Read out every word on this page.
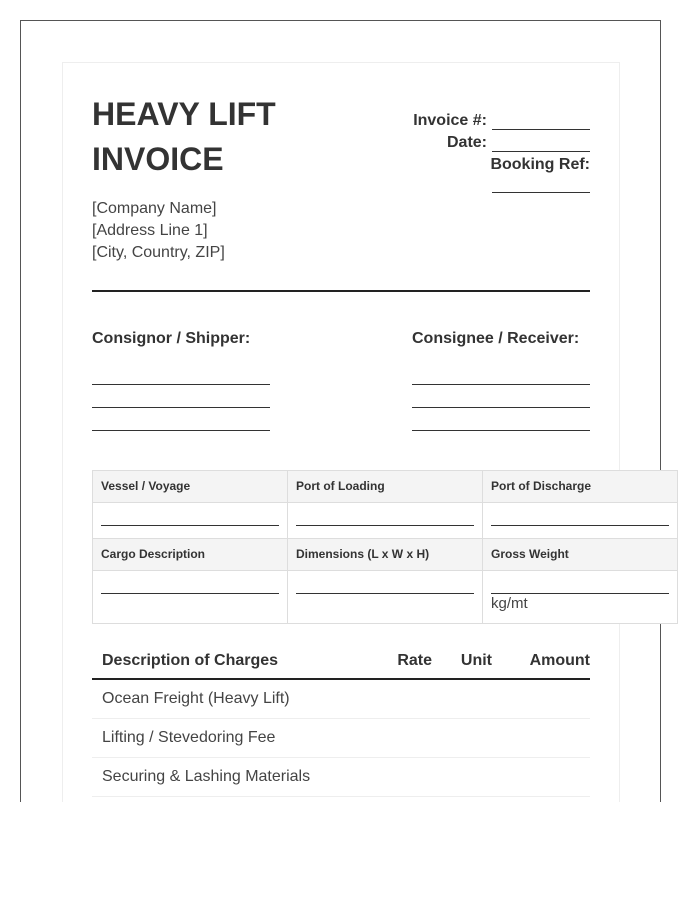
HEAVY LIFT
INVOICE
[Company Name]
[Address Line 1]
[City, Country, ZIP]
Invoice #:
Date:
Booking Ref:
Consignor / Shipper:	Consignee / Receiver:
Vessel / Voyage	Port of Loading	Port of Discharge

Cargo Description	Dimensions (L x W x H)	Gross Weight

		kg/mt
Description of Charges	Rate	Unit	Amount
Ocean Freight (Heavy Lift)
Lifting / Stevedoring Fee
Securing & Lashing Materials
